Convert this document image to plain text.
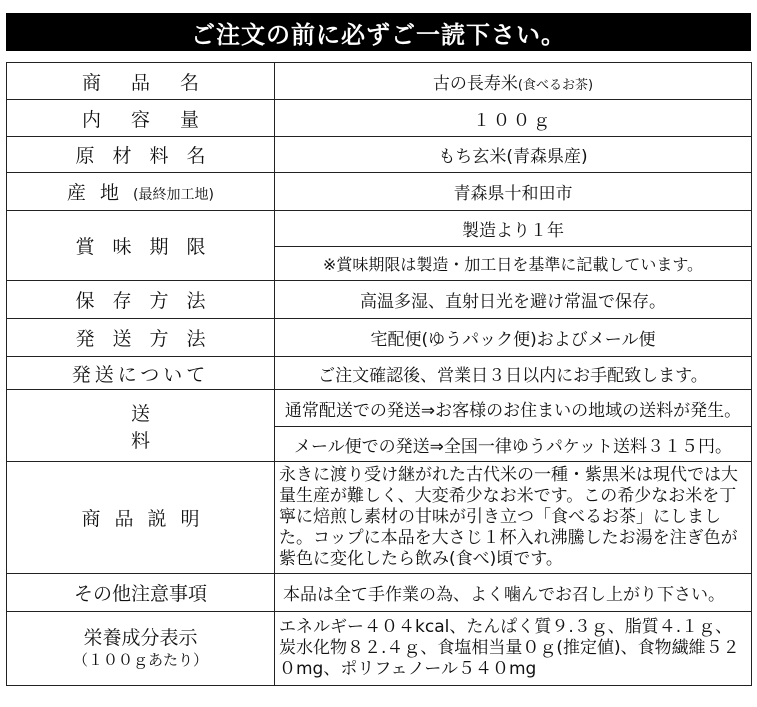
ご注文の前に必ずご一読下さい。
商品名	古の長寿米(食べるお茶)
内容量	１００ｇ
原材料名	もち玄米(青森県産)
産地(最終加工地)	青森県十和田市
賞味期限	製造より１年
	※賞味期限は製造・加工日を基準に記載しています。
保存方法	高温多湿、直射日光を避け常温で保存。
発送方法	宅配便(ゆうパック便)およびメール便
発送について	ご注文確認後、営業日３日以内にお手配致します。
送料	通常配送での発送⇒お客様のお住まいの地域の送料が発生。
	メール便での発送⇒全国一律ゆうパケット送料３１５円。
商品説明	永きに渡り受け継がれた古代米の一種・紫黒米は現代では大量生産が難しく、大変希少なお米です。この希少なお米を丁寧に焙煎し素材の甘味が引き立つ「食べるお茶」にしました。コップに本品を大さじ１杯入れ沸騰したお湯を注ぎ色が紫色に変化したら飲み(食べ)頃です。
その他注意事項	本品は全て手作業の為、よく噛んでお召し上がり下さい。

栄養成分表示
（１００ｇあたり）	エネルギー４０４kcal、たんぱく質９.３ｇ、脂質４.１ｇ、炭水化物８２.４ｇ、食塩相当量０ｇ(推定値)、食物繊維５２０mg、ポリフェノール５４０mg
